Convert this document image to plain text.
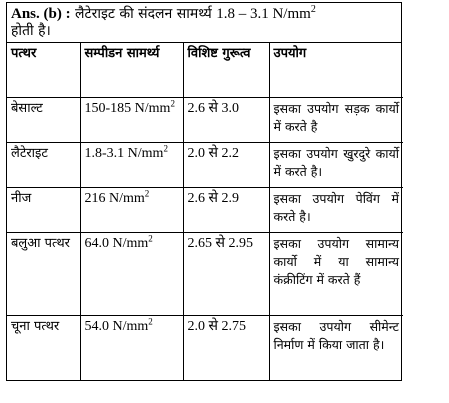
Ans. (b) : लैटेराइट की संदलन सामर्थ्य 1.8 – 3.1 $N/mm^2$
होती है।
पत्थर	सम्पीडन सामर्थ्य	विशिष्ट गुरूत्व	उपयोग
बेसाल्ट	150-185 $N/mm^2$	2.6 से 3.0	इसका उपयोग सड़क कार्यो में करते है
लैटेराइट	1.8-3.1 $N/mm^2$	2.0 से 2.2	इसका उपयोग खुरदुरे कार्यो में करते है।
नीज	216 $N/mm^2$	2.6 से 2.9	इसका उपयोग पेविंग में करते है।
बलुआ पत्थर	64.0 $N/mm^2$	2.65 से 2.95	इसका उपयोग सामान्य कार्यो में या सामान्य कंक्रीटिंग में करते हैं
चूना पत्थर	54.0 $N/mm^2$	2.0 से 2.75	इसका उपयोग सीमेन्ट निर्माण में किया जाता है।
